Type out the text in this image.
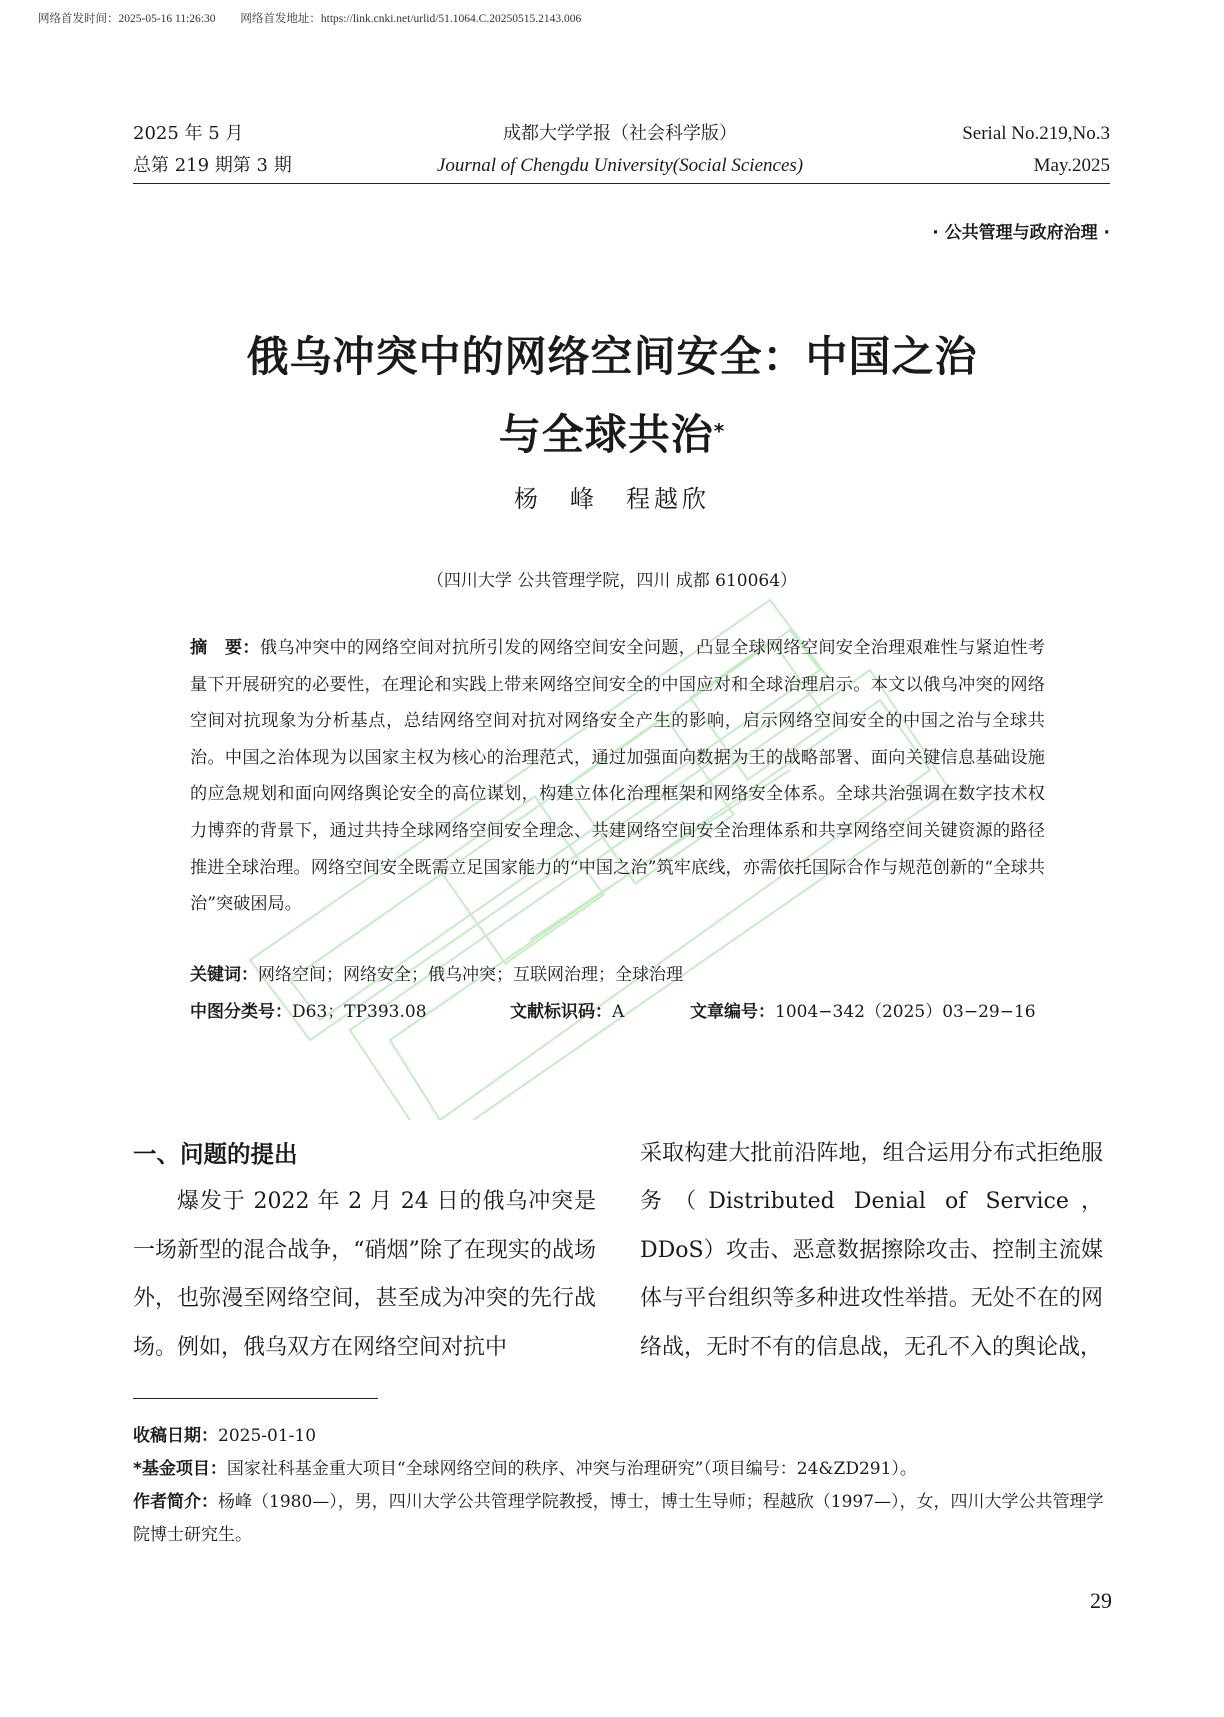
网络首发时间：2025-05-16 11:26:30 网络首发地址：https://link.cnki.net/urlid/51.1064.C.20250515.2143.006
2025 年 5 月
总第 219 期第 3 期
成都大学学报（社会科学版）
Journal of Chengdu University(Social Sciences)
Serial No.219,No.3
May.2025
· 公共管理与政府治理 ·
俄乌冲突中的网络空间安全：中国之治
与全球共治*
杨　峰　程越欣
（四川大学 公共管理学院，四川 成都 610064）
摘　要：俄乌冲突中的网络空间对抗所引发的网络空间安全问题，凸显全球网络空间安全治理艰难性与紧迫性考量下开展研究的必要性，在理论和实践上带来网络空间安全的中国应对和全球治理启示。本文以俄乌冲突的网络空间对抗现象为分析基点，总结网络空间对抗对网络安全产生的影响，启示网络空间安全的中国之治与全球共治。中国之治体现为以国家主权为核心的治理范式，通过加强面向数据为王的战略部署、面向关键信息基础设施的应急规划和面向网络舆论安全的高位谋划，构建立体化治理框架和网络安全体系。全球共治强调在数字技术权力博弈的背景下，通过共持全球网络空间安全理念、共建网络空间安全治理体系和共享网络空间关键资源的路径推进全球治理。网络空间安全既需立足国家能力的“中国之治”筑牢底线，亦需依托国际合作与规范创新的“全球共治”突破困局。
关键词：网络空间；网络安全；俄乌冲突；互联网治理；全球治理
中图分类号：D63；TP393.08	文献标识码：A	文章编号：1004−342（2025）03−29−16
一、问题的提出
爆发于 2022 年 2 月 24 日的俄乌冲突是一场新型的混合战争，“硝烟”除了在现实的战场外，也弥漫至网络空间，甚至成为冲突的先行战场。例如，俄乌双方在网络空间对抗中
采取构建大批前沿阵地，组合运用分布式拒绝服务（Distributed Denial of Service，DDoS）攻击、恶意数据擦除攻击、控制主流媒体与平台组织等多种进攻性举措。无处不在的网络战，无时不有的信息战，无孔不入的舆论战，
收稿日期：2025-01-10
*基金项目：国家社科基金重大项目“全球网络空间的秩序、冲突与治理研究”（项目编号：24&ZD291）。
作者简介：杨峰（1980—），男，四川大学公共管理学院教授，博士，博士生导师；程越欣（1997—），女，四川大学公共管理学院博士研究生。
29
